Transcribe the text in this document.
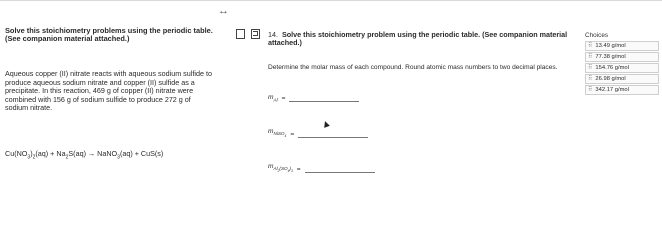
↔

Solve this stoichiometry problems using the periodic table. (See companion material attached.)

Aqueous copper (II) nitrate reacts with aqueous sodium sulfide to produce aqueous sodium nitrate and copper (II) sulfide as a precipitate. In this reaction, 469 g of copper (II) nitrate were combined with 156 g of sodium sulfide to produce 272 g of sodium nitrate.
$Cu(NO_3)_2(aq) + Na_2S(aq)$ → NaNO$_3$(aq) + CuS(s)
14. Solve this stoichiometry problem using the periodic table. (See companion material attached.)
Determine the molar mass of each compound. Round atomic mass numbers to two decimal places.
$m_{Al}$ =
$m_{NiSO_4}$ =
$m_{Al_2(SO_4)_3}$ =
Choices
⠿ 13.49 g/mol
⠿ 77.38 g/mol
⠿ 154.76 g/mol
⠿ 26.98 g/mol
⠿ 342.17 g/mol
